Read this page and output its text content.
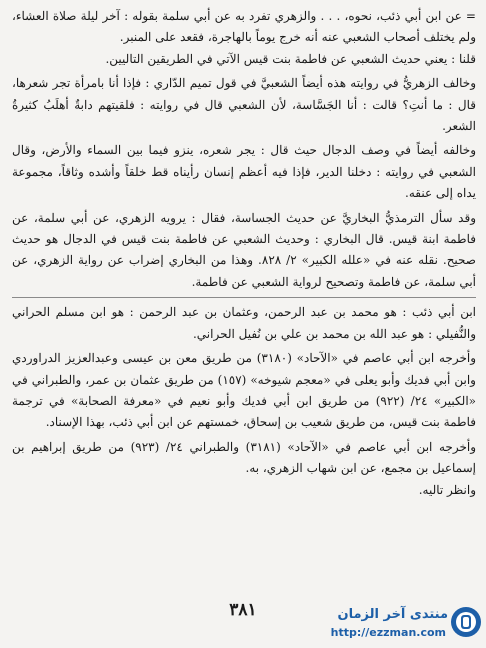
= عن ابن أبي ذئب، نحوه، . . . والزهري تفرد به عن أبي سلمة بقوله : آخر ليلة صلاة العشاء، ولم يختلف أصحاب الشعبي عنه أنه خرج يوماً بالهاجرة، فقعد على المنبر.

قلنا : يعني حديث الشعبي عن فاطمة بنت قيس الآتي في الطريقين التاليين.

وخالف الزهريُّ في روايته هذه أيضاً الشعبيَّ في قول تميم الدّاري : فإذا أنا بامرأة تجر شعرها، قال : ما أنتِ؟ قالت : أنا الجَسَّاسة، لأن الشعبي قال في روايته : فلقيتهم دابةٌ أهلَبُ كثيرةُ الشعر.

وخالفه أيضاً في وصف الدجال حيث قال : يجر شعره، ينزو فيما بين السماء والأرض، وقال الشعبي في روايته : دخلنا الدير، فإذا فيه أعظم إنسان رأيناه قط خلقاً وأشده وثاقاً، مجموعة يداه إلى عنقه.

وقد سأل الترمذيُّ البخاريَّ عن حديث الجساسة، فقال : يرويه الزهري، عن أبي سلمة، عن فاطمة ابنة قيس. قال البخاري : وحديث الشعبي عن فاطمة بنت قيس في الدجال هو حديث صحيح. نقله عنه في «علله الكبير» ٢/ ٨٢٨. وهذا من البخاري إضراب عن رواية الزهري، عن أبي سلمة، عن فاطمة وتصحيح لرواية الشعبي عن فاطمة.

ابن أبي ذئب : هو محمد بن عبد الرحمن، وعثمان بن عبد الرحمن : هو ابن مسلم الحراني والنُّفيلي : هو عبد الله بن محمد بن علي بن نُفيل الحراني.

وأخرجه ابن أبي عاصم في «الآحاد» (٣١٨٠) من طريق معن بن عيسى وعبدالعزيز الدراوردي وابن أبي فديك وأبو يعلى في «معجم شيوخه» (١٥٧) من طريق عثمان بن عمر، والطبراني في «الكبير» ٢٤/ (٩٢٢) من طريق ابن أبي فديك وأبو نعيم في «معرفة الصحابة» في ترجمة فاطمة بنت قيس، من طريق شعيب بن إسحاق، خمستهم عن ابن أبي ذئب، بهذا الإسناد.

وأخرجه ابن أبي عاصم في «الآحاد» (٣١٨١) والطبراني ٢٤/ (٩٢٣) من طريق إبراهيم بن إسماعيل بن مجمع، عن ابن شهاب الزهري، به.

وانظر تاليه.

٣٨١	منتدى آخر الزمان
http://ezzman.com
